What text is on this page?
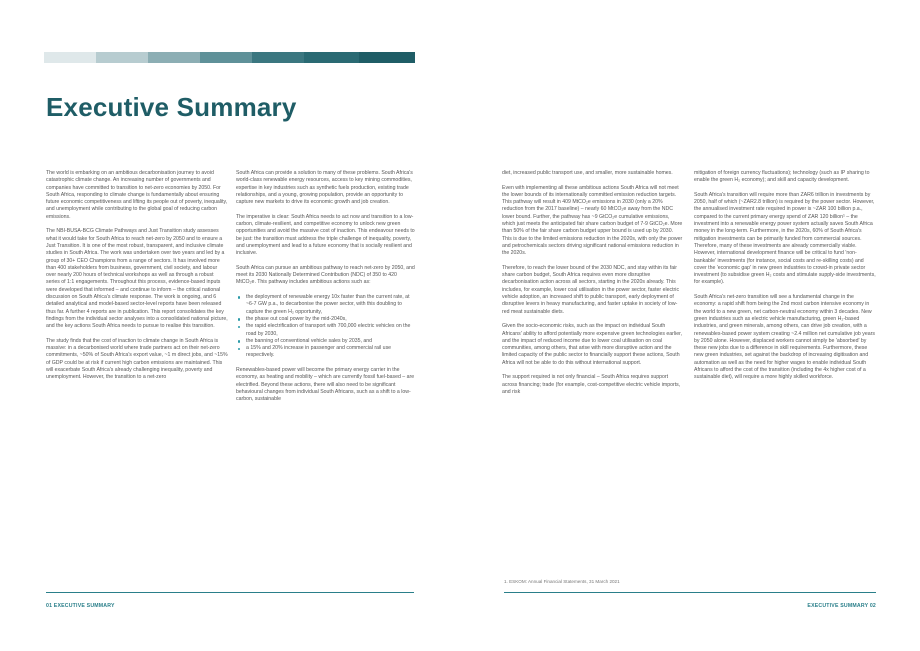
Executive Summary

The world is embarking on an ambitious decarbonisation journey to avoid catastrophic climate change. An increasing number of governments and companies have committed to transition to net-zero economies by 2050. For South Africa, responding to climate change is fundamentally about ensuring future economic competitiveness and lifting its people out of poverty, inequality, and unemployment while contributing to the global goal of reducing carbon emissions.

The NBI-BUSA-BCG Climate Pathways and Just Transition study assesses what it would take for South Africa to reach net-zero by 2050 and to ensure a Just Transition. It is one of the most robust, transparent, and inclusive climate studies in South Africa. The work was undertaken over two years and led by a group of 30+ CEO Champions from a range of sectors. It has involved more than 400 stakeholders from business, government, civil society, and labour over nearly 200 hours of technical workshops as well as through a robust series of 1:1 engagements. Throughout this process, evidence-based inputs were developed that informed – and continue to inform – the critical national discussion on South Africa's climate response. The work is ongoing, and 6 detailed analytical and model-based sector-level reports have been released thus far. A further 4 reports are in publication. This report consolidates the key findings from the individual sector analyses into a consolidated national picture, and the key actions South Africa needs to pursue to realise this transition.

The study finds that the cost of inaction to climate change in South Africa is massive: in a decarbonised world where trade partners act on their net-zero commitments, ~50% of South Africa's export value, ~1 m direct jobs, and ~15% of GDP could be at risk if current high carbon emissions are maintained. This will exacerbate South Africa's already challenging inequality, poverty and unemployment. However, the transition to a net-zero

South Africa can provide a solution to many of these problems. South Africa's world-class renewable energy resources, access to key mining commodities, expertise in key industries such as synthetic fuels production, existing trade relationships, and a young, growing population, provide an opportunity to capture new markets to drive its economic growth and job creation.

The imperative is clear: South Africa needs to act now and transition to a low-carbon, climate-resilient, and competitive economy to unlock new green opportunities and avoid the massive cost of inaction. This endeavour needs to be just: the transition must address the triple challenge of inequality, poverty, and unemployment and lead to a future economy that is socially resilient and inclusive.

South Africa can pursue an ambitious pathway to reach net-zero by 2050, and meet its 2030 Nationally Determined Contribution (NDC) of 350 to 420 MtCO₂e. This pathway includes ambitious actions such as:

the deployment of renewable energy 10x faster than the current rate, at ~6-7 GW p.a., to decarbonise the power sector, with this doubling to capture the green H₂ opportunity,
the phase out coal power by the mid-2040s,
the rapid electrification of transport with 700,000 electric vehicles on the road by 2030,
the banning of conventional vehicle sales by 2035, and
a 15% and 20% increase in passenger and commercial rail use respectively.

Renewables-based power will become the primary energy carrier in the economy, as heating and mobility – which are currently fossil fuel-based – are electrified. Beyond these actions, there will also need to be significant behavioural changes from individual South Africans, such as a shift to a low-carbon, sustainable

diet, increased public transport use, and smaller, more sustainable homes.

Even with implementing all these ambitious actions South Africa will not meet the lower bounds of its internationally committed emission reduction targets. This pathway will result in 409 MtCO₂e emissions in 2030 (only a 20% reduction from the 2017 baseline) – nearly 60 MtCO₂e away from the NDC lower bound. Further, the pathway has ~9 GtCO₂e cumulative emissions, which just meets the anticipated fair share carbon budget of 7-9 GtCO₂e. More than 50% of the fair share carbon budget upper bound is used up by 2030. This is due to the limited emissions reduction in the 2020s, with only the power and petrochemicals sectors driving significant national emissions reduction in the 2020s.

Therefore, to reach the lower bound of the 2030 NDC, and stay within its fair share carbon budget, South Africa requires even more disruptive decarbonisation action across all sectors, starting in the 2020s already. This includes, for example, lower coal utilisation in the power sector, faster electric vehicle adoption, an increased shift to public transport, early deployment of disruptive levers in heavy manufacturing, and faster uptake in society of low-red meat sustainable diets.

Given the socio-economic risks, such as the impact on individual South Africans' ability to afford potentially more expensive green technologies earlier, and the impact of reduced income due to lower coal utilisation on coal communities, among others, that arise with more disruptive action and the limited capacity of the public sector to financially support these actions, South Africa will not be able to do this without international support.

The support required is not only financial – South Africa requires support across financing; trade (for example, cost-competitive electric vehicle imports, and risk

mitigation of foreign currency fluctuations); technology (such as IP sharing to enable the green H₂ economy); and skill and capacity development.

South Africa's transition will require more than ZAR6 trillion in investments by 2050, half of which (~ZAR2.8 trillion) is required by the power sector. However, the annualised investment rate required in power is ~ZAR 100 billion p.a., compared to the current primary energy spend of ZAR 120 billion¹ – the investment into a renewable energy power system actually saves South Africa money in the long-term. Furthermore, in the 2020s, 60% of South Africa's mitigation investments can be primarily funded from commercial sources. Therefore, many of these investments are already commercially viable. However, international development finance will be critical to fund 'non-bankable' investments (for instance, social costs and re-skilling costs) and cover the 'economic gap' in new green industries to crowd-in private sector investment (to subsidise green H₂ costs and stimulate supply-side investments, for example).

South Africa's net-zero transition will see a fundamental change in the economy: a rapid shift from being the 2nd most carbon intensive economy in the world to a new green, net carbon-neutral economy within 3 decades. New green industries such as electric vehicle manufacturing, green H₂-based industries, and green minerals, among others, can drive job creation, with a renewables-based power system creating ~2.4 million net cumulative job years by 2050 alone. However, displaced workers cannot simply be 'absorbed' by these new jobs due to a difference in skill requirements. Furthermore, these new green industries, set against the backdrop of increasing digitisation and automation as well as the need for higher wages to enable individual South Africans to afford the cost of the transition (including the 4x higher cost of a sustainable diet), will require a more highly skilled workforce.

1. ESKOM: Annual Financial Statements, 31 March 2021
01 EXECUTIVE SUMMARY	EXECUTIVE SUMMARY 02
